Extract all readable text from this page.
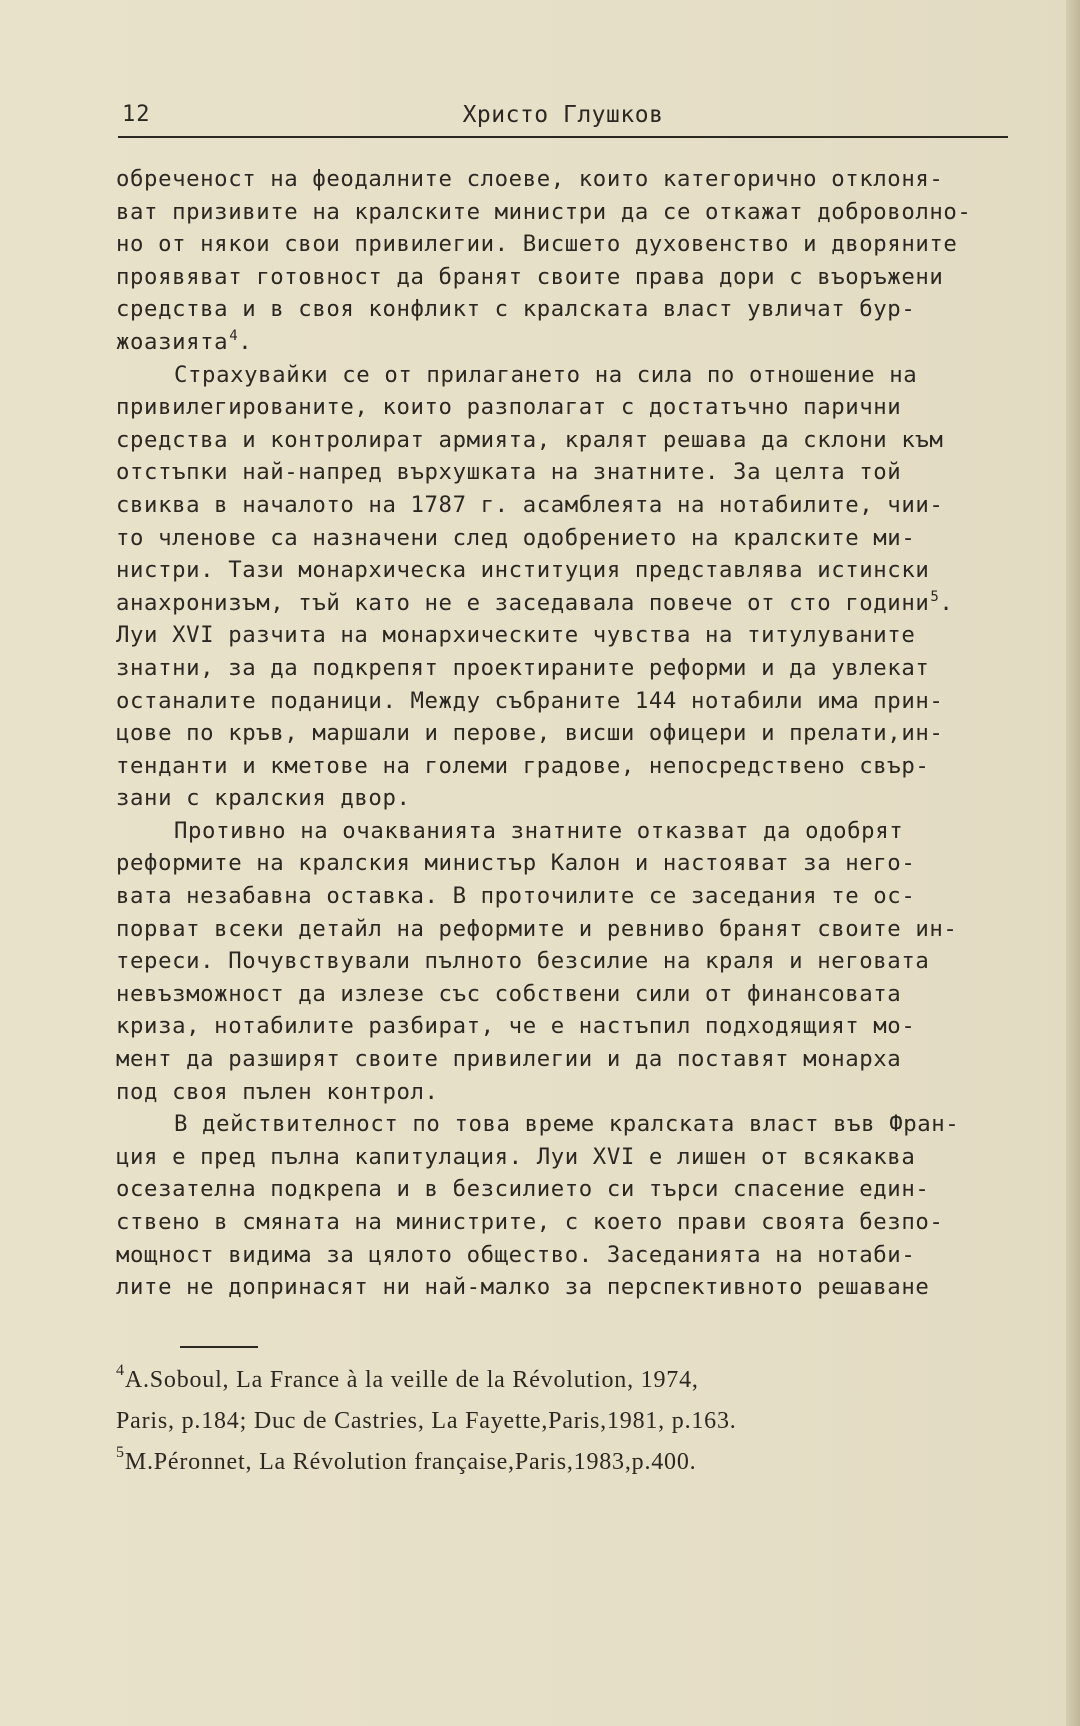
12	Христо Глушков
обреченост на феодалните слоеве, които категорично отклоня-
ват призивите на кралските министри да се откажат доброволно-
но от някои свои привилегии. Висшето духовенство и дворяните
проявяват готовност да бранят своите права дори с въоръжени
средства и в своя конфликт с кралската власт увличат бур-
жоазията$^4$.
Страхувайки се от прилагането на сила по отношение на
привилегированите, които разполагат с достатъчно парични
средства и контролират армията, кралят решава да склони към
отстъпки най-напред върхушката на знатните. За целта той
свиква в началото на 1787 г. асамблеята на нотабилите, чии-
то членове са назначени след одобрението на кралските ми-
нистри. Тази монархическа институция представлява истински
анахронизъм, тъй като не е заседавала повече от сто години$^5$.
Луи XVI разчита на монархическите чувства на титулуваните
знатни, за да подкрепят проектираните реформи и да увлекат
останалите поданици. Между събраните 144 нотабили има прин-
цове по кръв, маршали и перове, висши офицери и прелати,ин-
тенданти и кметове на големи градове, непосредствено свър-
зани с кралския двор.
Противно на очакванията знатните отказват да одобрят
реформите на кралския министър Калон и настояват за него-
вата незабавна оставка. В проточилите се заседания те ос-
порват всеки детайл на реформите и ревниво бранят своите ин-
тереси. Почувствували пълното безсилие на краля и неговата
невъзможност да излезе със собствени сили от финансовата
криза, нотабилите разбират, че е настъпил подходящият мо-
мент да разширят своите привилегии и да поставят монарха
под своя пълен контрол.
В действителност по това време кралската власт във Фран-
ция е пред пълна капитулация. Луи XVI е лишен от всякаква
осезателна подкрепа и в безсилието си търси спасение един-
ствено в смяната на министрите, с което прави своята безпо-
мощност видима за цялото общество. Заседанията на нотаби-
лите не допринасят ни най-малко за перспективното решаване
$^4$A.Soboul, La France à la veille de la Révolution, 1974,
Paris, p.184; Duc de Castries, La Fayette,Paris,1981, p.163.
$^5$M.Péronnet, La Révolution française,Paris,1983,p.400.
